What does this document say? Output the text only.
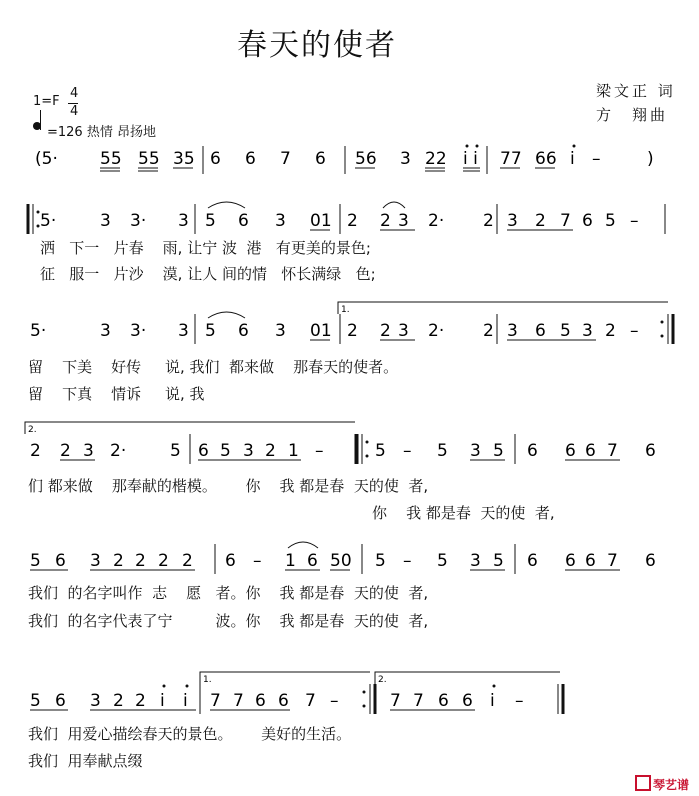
春天的使者
梁文正 词
方　翔曲
1=F
4
4
=126 热情 昂扬地
(5· 55 55 35 6 6 7 6 56 3 22 i i 77 66 i –	)
5·	3 3· 3 5 6 3 01 2 2 3 2· 2 3 2 7 6 5 –
洒   下一   片春    雨, 让宁 波  港   有更美的景色;
征   服一   片沙    漠, 让人 间的情   怀长满绿   色;
5·	3 3· 3 5 6 3 01 2 2 3 2· 2 3 6 5 3 2 –
1.
留    下美    好传     说, 我们  都来做    那春天的使者。
留    下真    情诉     说, 我
2 2 3 2·	5 6 5 3 2 1 –	5 – 5 3 5 6 6 6 7 6
2.
们 都来做    那奉献的楷模。      你    我 都是春  天的使  者,
你    我 都是春  天的使  者,
5 6 3 2 2 2 2 6 – 1 6 50 5 – 5 3 5 6 6 6 7 6
我们  的名字叫作  志    愿   者。你    我 都是春  天的使  者,
我们  的名字代表了宁         波。你    我 都是春  天的使  者,
5 6 3 2 2 i i 7 7 6 6 7 –	7 7 6 6 i –
1.	2.
我们  用爱心描绘春天的景色。      美好的生活。
我们  用奉献点缀
琴艺谱
